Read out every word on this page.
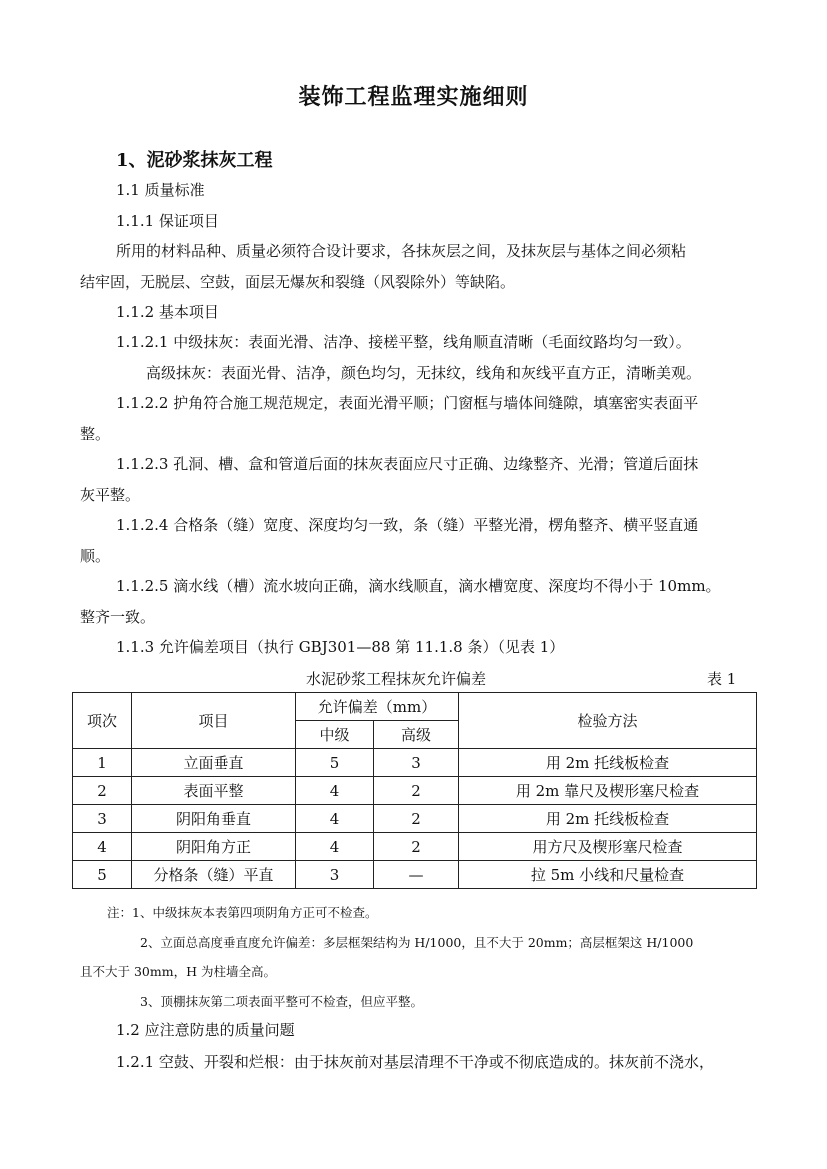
装饰工程监理实施细则
1、泥砂浆抹灰工程
1.1 质量标准
1.1.1 保证项目
所用的材料品种、质量必须符合设计要求，各抹灰层之间，及抹灰层与基体之间必须粘
结牢固，无脱层、空鼓，面层无爆灰和裂缝（风裂除外）等缺陷。
1.1.2 基本项目
1.1.2.1 中级抹灰：表面光滑、洁净、接槎平整，线角顺直清晰（毛面纹路均匀一致）。
高级抹灰：表面光骨、洁净，颜色均匀，无抹纹，线角和灰线平直方正，清晰美观。
1.1.2.2 护角符合施工规范规定，表面光滑平顺；门窗框与墙体间缝隙，填塞密实表面平
整。
1.1.2.3 孔洞、槽、盒和管道后面的抹灰表面应尺寸正确、边缘整齐、光滑；管道后面抹
灰平整。
1.1.2.4 合格条（缝）宽度、深度均匀一致，条（缝）平整光滑，楞角整齐、横平竖直通
顺。
1.1.2.5 滴水线（槽）流水坡向正确，滴水线顺直，滴水槽宽度、深度均不得小于 10mm。
整齐一致。
1.1.3 允许偏差项目（执行 GBJ301—88 第 11.1.8 条）（见表 1）
水泥砂浆工程抹灰允许偏差	表 1
项次	项目	允许偏差（mm）		检验方法
		中级	高级	
1	立面垂直	5	3	用 2m 托线板检查
2	表面平整	4	2	用 2m 靠尺及楔形塞尺检查
3	阴阳角垂直	4	2	用 2m 托线板检查
4	阴阳角方正	4	2	用方尺及楔形塞尺检查
5	分格条（缝）平直	3	—	拉 5m 小线和尺量检查
注：1、中级抹灰本表第四项阴角方正可不检查。
2、立面总高度垂直度允许偏差：多层框架结构为 H/1000，且不大于 20mm；高层框架这 H/1000
且不大于 30mm，H 为柱墙全高。
3、顶棚抹灰第二项表面平整可不检查，但应平整。
1.2 应注意防患的质量问题
1.2.1 空鼓、开裂和烂根：由于抹灰前对基层清理不干净或不彻底造成的。抹灰前不浇水，
